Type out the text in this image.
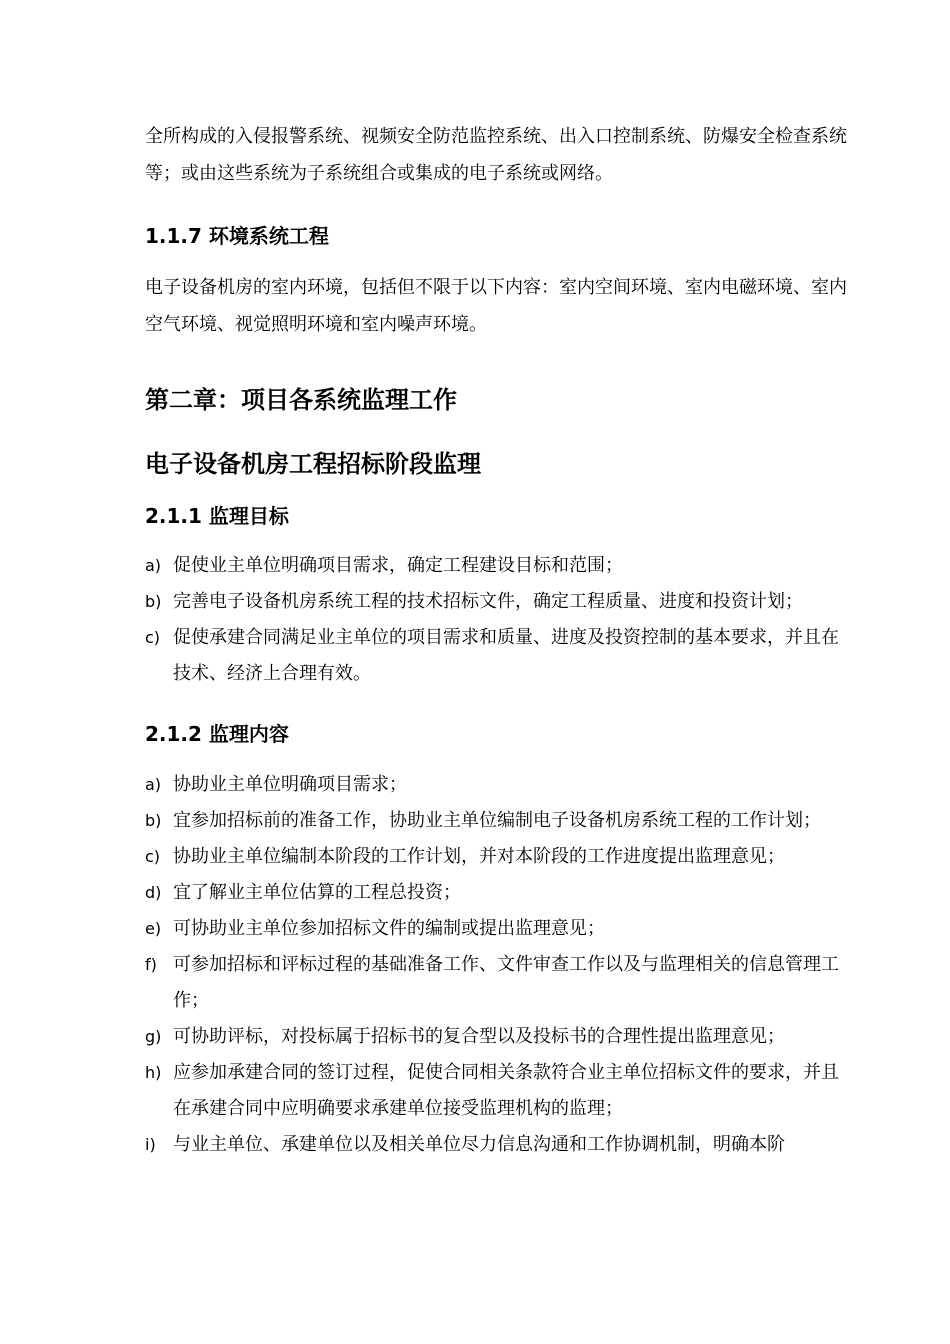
全所构成的入侵报警系统、视频安全防范监控系统、出入口控制系统、防爆安全检查系统等；或由这些系统为子系统组合或集成的电子系统或网络。

1.1.7 环境系统工程

电子设备机房的室内环境，包括但不限于以下内容：室内空间环境、室内电磁环境、室内空气环境、视觉照明环境和室内噪声环境。

第二章：项目各系统监理工作
电子设备机房工程招标阶段监理
2.1.1 监理目标
a) 促使业主单位明确项目需求，确定工程建设目标和范围；
b) 完善电子设备机房系统工程的技术招标文件，确定工程质量、进度和投资计划；
c) 促使承建合同满足业主单位的项目需求和质量、进度及投资控制的基本要求，并且在技术、经济上合理有效。
2.1.2 监理内容
a) 协助业主单位明确项目需求；
b) 宜参加招标前的准备工作，协助业主单位编制电子设备机房系统工程的工作计划；
c) 协助业主单位编制本阶段的工作计划，并对本阶段的工作进度提出监理意见；
d) 宜了解业主单位估算的工程总投资；
e) 可协助业主单位参加招标文件的编制或提出监理意见；
f) 可参加招标和评标过程的基础准备工作、文件审查工作以及与监理相关的信息管理工作；
g) 可协助评标，对投标属于招标书的复合型以及投标书的合理性提出监理意见；
h) 应参加承建合同的签订过程，促使合同相关条款符合业主单位招标文件的要求，并且在承建合同中应明确要求承建单位接受监理机构的监理；
i) 与业主单位、承建单位以及相关单位尽力信息沟通和工作协调机制，明确本阶
